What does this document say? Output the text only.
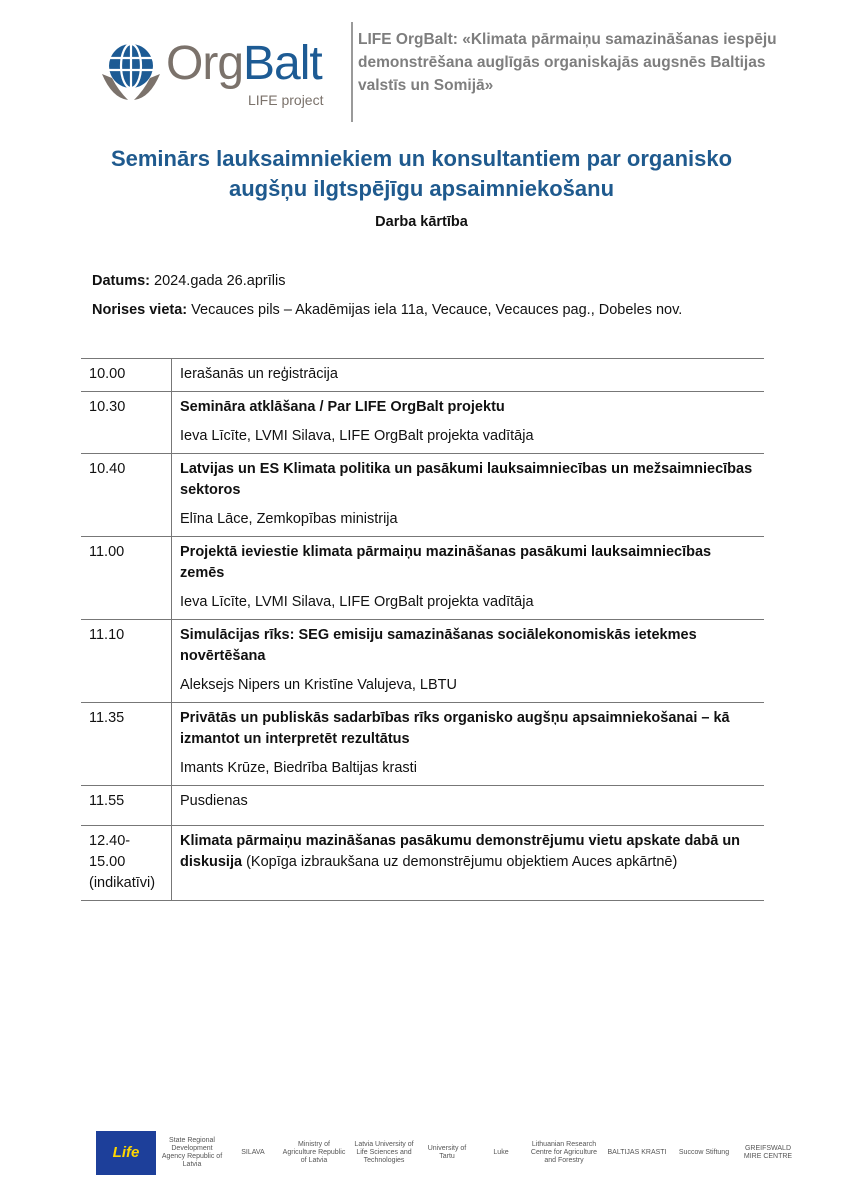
OrgBalt
LIFE project
LIFE OrgBalt: «Klimata pārmaiņu samazināšanas iespēju demonstrēšana auglīgās organiskajās augsnēs Baltijas valstīs un Somijā»
Seminārs lauksaimniekiem un konsultantiem par organisko augšņu ilgtspējīgu apsaimniekošanu
Darba kārtība
Datums: 2024.gada 26.aprīlis
Norises vieta: Vecauces pils – Akadēmijas iela 11a, Vecauce, Vecauces pag., Dobeles nov.
10.00	Ierašanās un reģistrācija

10.30	Semināra atklāšana / Par LIFE OrgBalt projektu
Ieva Līcīte, LVMI Silava, LIFE OrgBalt projekta vadītāja

10.40	Latvijas un ES Klimata politika un pasākumi lauksaimniecības un mežsaimniecības sektoros
Elīna Lāce, Zemkopības ministrija

11.00	Projektā ieviestie klimata pārmaiņu mazināšanas pasākumi lauksaimniecības zemēs
Ieva Līcīte, LVMI Silava, LIFE OrgBalt projekta vadītāja

11.10	Simulācijas rīks: SEG emisiju samazināšanas sociālekonomiskās ietekmes novērtēšana
Aleksejs Nipers un Kristīne Valujeva, LBTU

11.35	Privātās un publiskās sadarbības rīks organisko augšņu apsaimniekošanai – kā izmantot un interpretēt rezultātus
Imants Krūze, Biedrība Baltijas krasti

11.55	Pusdienas

12.40-
15.00
(indikatīvi)	Klimata pārmaiņu mazināšanas pasākumu demonstrējumu vietu apskate dabā un diskusija (Kopīga izbraukšana uz demonstrējumu objektiem Auces apkārtnē)
Life
State Regional Development Agency Republic of Latvia
SILAVA
Ministry of Agriculture Republic of Latvia
Latvia University of Life Sciences and Technologies
University of Tartu
Luke
Lithuanian Research Centre for Agriculture and Forestry
BALTIJAS KRASTI Succow Stiftung
GREIFSWALD MIRE CENTRE
